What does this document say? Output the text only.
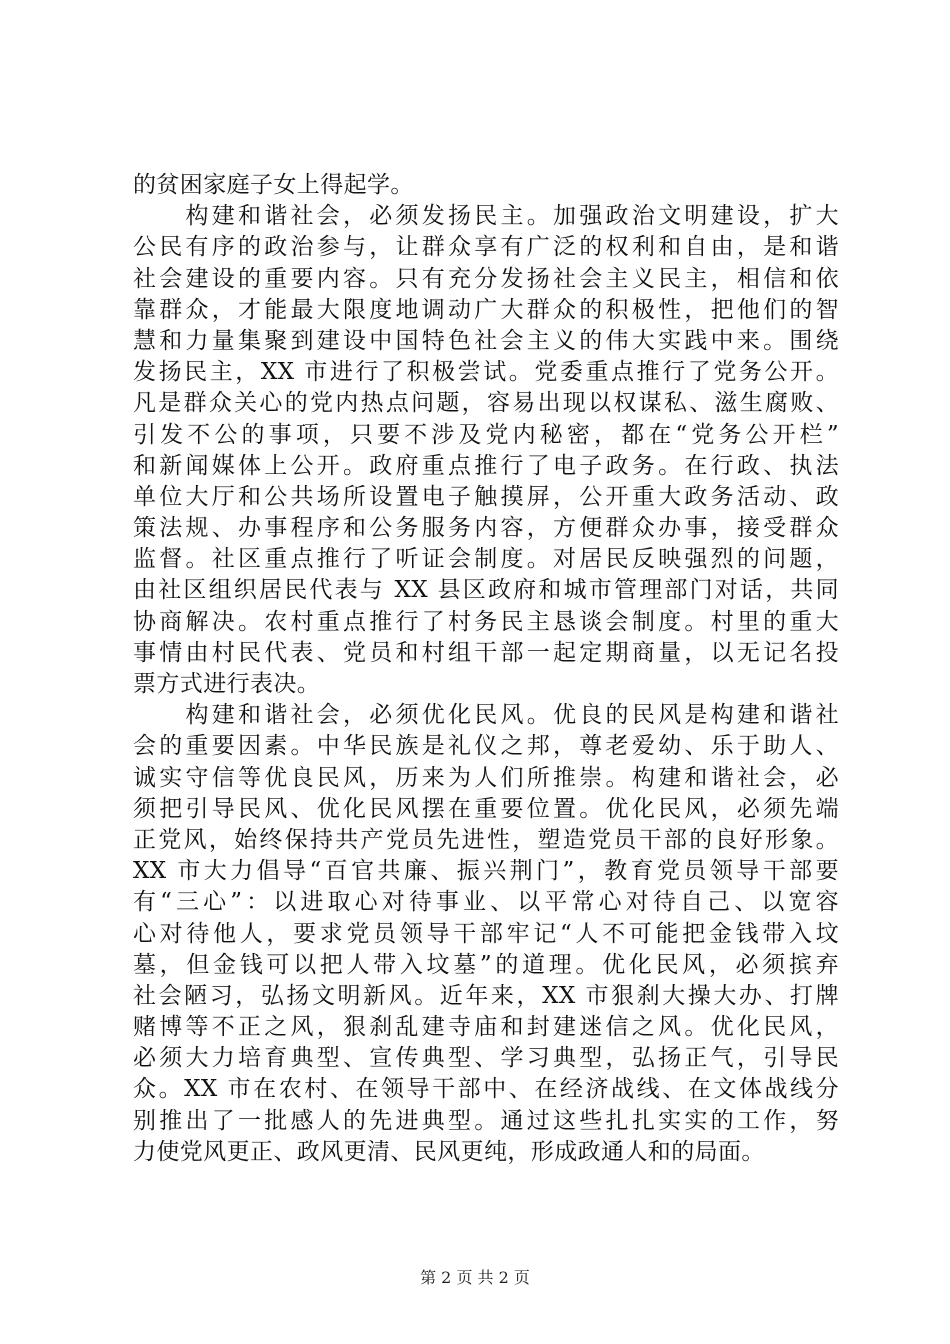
的贫困家庭子女上得起学。
　　构建和谐社会，必须发扬民主。加强政治文明建设，扩大
公民有序的政治参与，让群众享有广泛的权利和自由，是和谐
社会建设的重要内容。只有充分发扬社会主义民主，相信和依
靠群众，才能最大限度地调动广大群众的积极性，把他们的智
慧和力量集聚到建设中国特色社会主义的伟大实践中来。围绕
发扬民主，XX 市进行了积极尝试。党委重点推行了党务公开。
凡是群众关心的党内热点问题，容易出现以权谋私、滋生腐败、
引发不公的事项，只要不涉及党内秘密，都在“党务公开栏”
和新闻媒体上公开。政府重点推行了电子政务。在行政、执法
单位大厅和公共场所设置电子触摸屏，公开重大政务活动、政
策法规、办事程序和公务服务内容，方便群众办事，接受群众
监督。社区重点推行了听证会制度。对居民反映强烈的问题，
由社区组织居民代表与 XX 县区政府和城市管理部门对话，共同
协商解决。农村重点推行了村务民主恳谈会制度。村里的重大
事情由村民代表、党员和村组干部一起定期商量，以无记名投
票方式进行表决。
　　构建和谐社会，必须优化民风。优良的民风是构建和谐社
会的重要因素。中华民族是礼仪之邦，尊老爱幼、乐于助人、
诚实守信等优良民风，历来为人们所推崇。构建和谐社会，必
须把引导民风、优化民风摆在重要位置。优化民风，必须先端
正党风，始终保持共产党员先进性，塑造党员干部的良好形象。
XX 市大力倡导“百官共廉、振兴荆门”，教育党员领导干部要
有“三心”：以进取心对待事业、以平常心对待自己、以宽容
心对待他人，要求党员领导干部牢记“人不可能把金钱带入坟
墓，但金钱可以把人带入坟墓”的道理。优化民风，必须摈弃
社会陋习，弘扬文明新风。近年来，XX 市狠刹大操大办、打牌
赌博等不正之风，狠刹乱建寺庙和封建迷信之风。优化民风，
必须大力培育典型、宣传典型、学习典型，弘扬正气，引导民
众。XX 市在农村、在领导干部中、在经济战线、在文体战线分
别推出了一批感人的先进典型。通过这些扎扎实实的工作，努
力使党风更正、政风更清、民风更纯，形成政通人和的局面。
第 2 页 共 2 页
